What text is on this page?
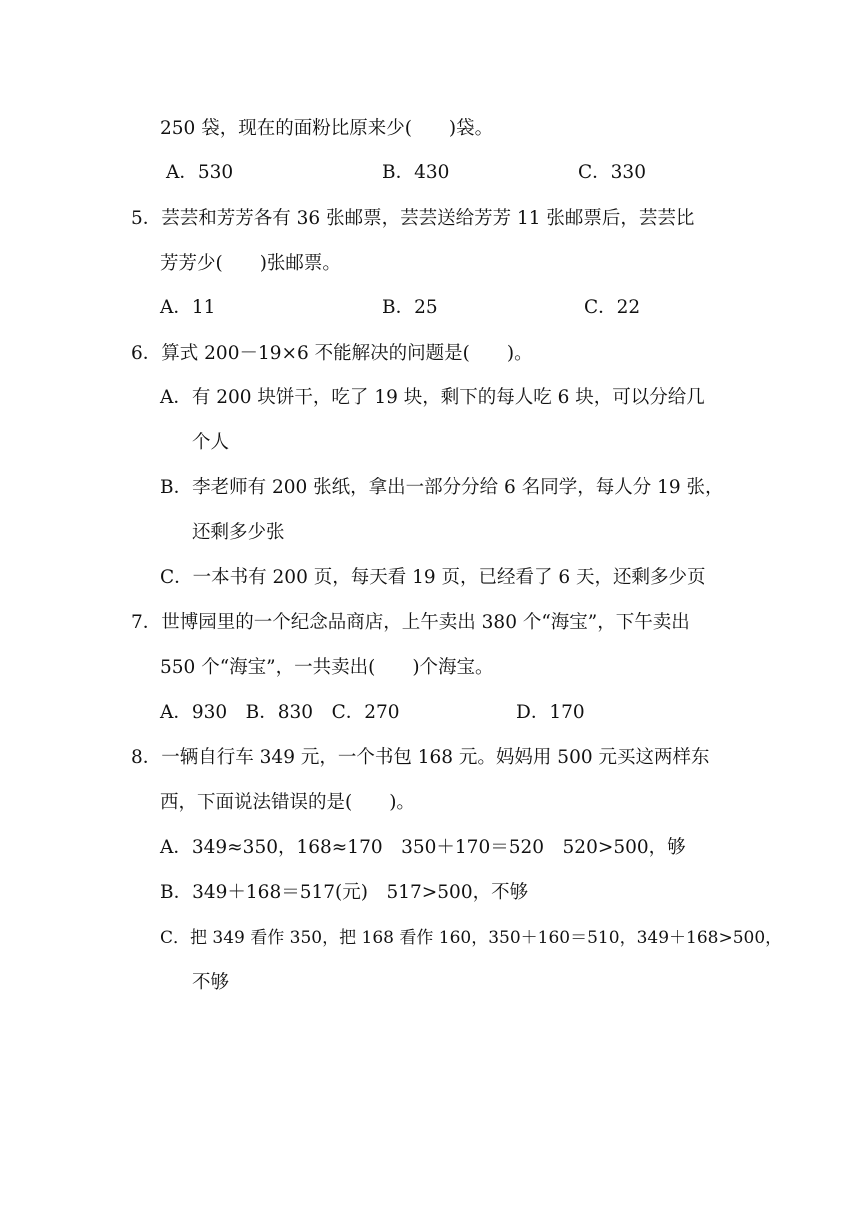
250 袋，现在的面粉比原来少(　　)袋。
A．530	B．430	C．330
5．芸芸和芳芳各有 36 张邮票，芸芸送给芳芳 11 张邮票后，芸芸比
芳芳少(　　)张邮票。
A．11	B．25	C．22
6．算式 200－19×6 不能解决的问题是(　　)。
A．有 200 块饼干，吃了 19 块，剩下的每人吃 6 块，可以分给几
个人
B．李老师有 200 张纸，拿出一部分分给 6 名同学，每人分 19 张，
还剩多少张
C．一本书有 200 页，每天看 19 页，已经看了 6 天，还剩多少页
7．世博园里的一个纪念品商店，上午卖出 380 个“海宝”，下午卖出
550 个“海宝”，一共卖出(　　)个海宝。
A．930　B．830　C．270	D．170
8．一辆自行车 349 元，一个书包 168 元。妈妈用 500 元买这两样东
西，下面说法错误的是(　　)。
A．349≈350，168≈170　350＋170＝520　520>500，够
B．349＋168＝517(元)　517>500，不够
C．把 349 看作 350，把 168 看作 160，350＋160＝510，349＋168>500，
不够
